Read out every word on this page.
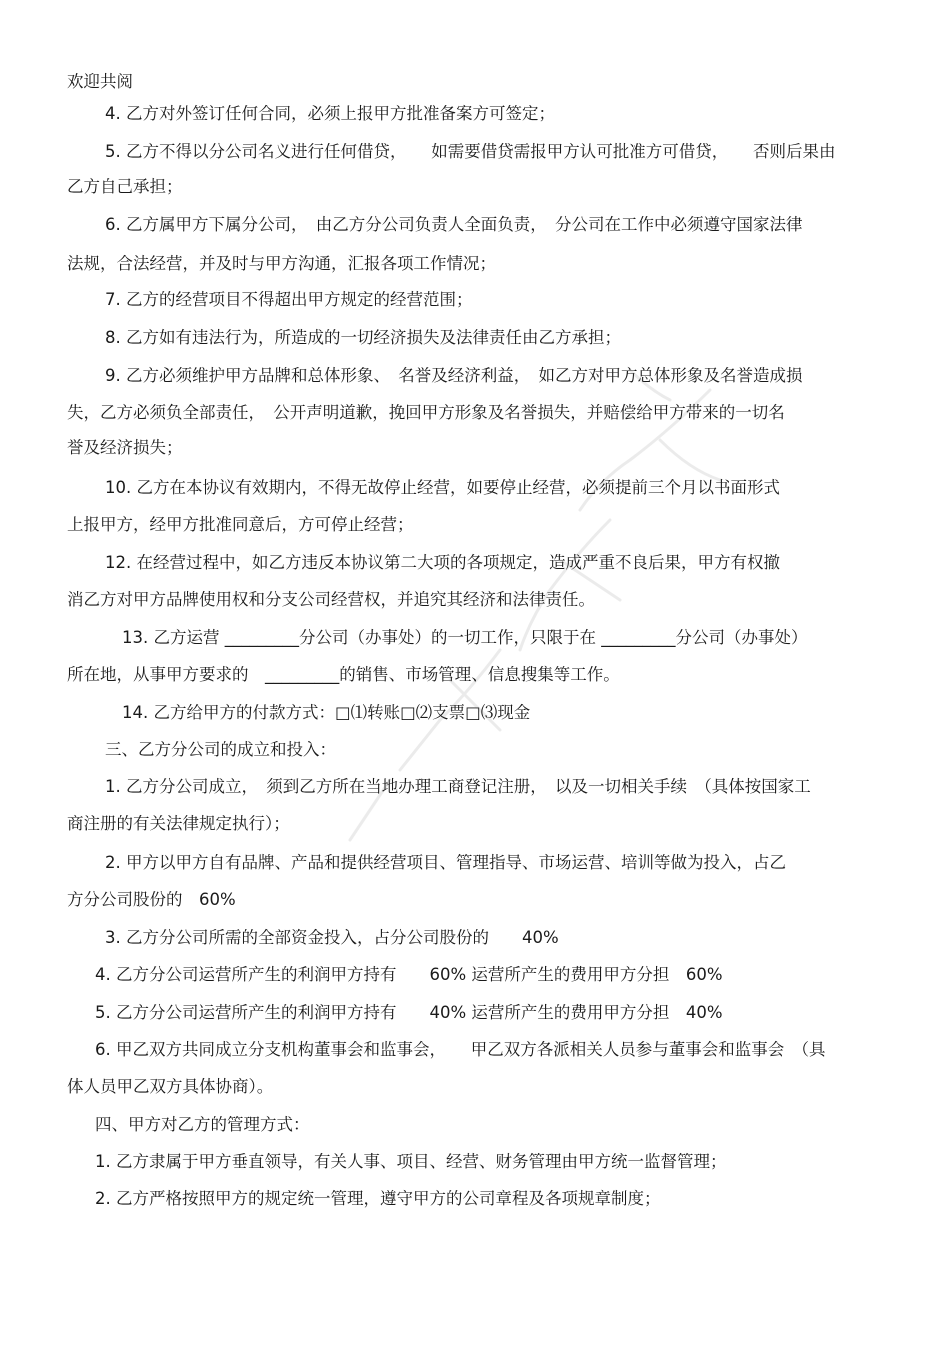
欢迎共阅
4. 乙方对外签订任何合同，必须上报甲方批准备案方可签定；
5. 乙方不得以分公司名义进行任何借贷，　　如需要借贷需报甲方认可批准方可借贷，　　否则后果由
乙方自己承担；
6. 乙方属甲方下属分公司，　由乙方分公司负责人全面负责，　分公司在工作中必须遵守国家法律
法规，合法经营，并及时与甲方沟通，汇报各项工作情况；
7. 乙方的经营项目不得超出甲方规定的经营范围；
8. 乙方如有违法行为，所造成的一切经济损失及法律责任由乙方承担；
9. 乙方必须维护甲方品牌和总体形象、　名誉及经济利益，　如乙方对甲方总体形象及名誉造成损
失，乙方必须负全部责任，　公开声明道歉，挽回甲方形象及名誉损失，并赔偿给甲方带来的一切名
誉及经济损失；
10. 乙方在本协议有效期内，不得无故停止经营，如要停止经营，必须提前三个月以书面形式
上报甲方，经甲方批准同意后，方可停止经营；
12. 在经营过程中，如乙方违反本协议第二大项的各项规定，造成严重不良后果，甲方有权撤
消乙方对甲方品牌使用权和分支公司经营权，并追究其经济和法律责任。
13. 乙方运营 _________分公司（办事处）的一切工作，只限于在 _________分公司（办事处）
所在地，从事甲方要求的　_________的销售、市场管理、信息搜集等工作。
14. 乙方给甲方的付款方式：□⑴转账□⑵支票□⑶现金
三、乙方分公司的成立和投入：
1. 乙方分公司成立，　须到乙方所在当地办理工商登记注册，　以及一切相关手续　（具体按国家工
商注册的有关法律规定执行）；
2. 甲方以甲方自有品牌、产品和提供经营项目、管理指导、市场运营、培训等做为投入，占乙
方分公司股份的　60%
3. 乙方分公司所需的全部资金投入，占分公司股份的　　40%
4. 乙方分公司运营所产生的利润甲方持有　　60% 运营所产生的费用甲方分担　60%
5. 乙方分公司运营所产生的利润甲方持有　　40% 运营所产生的费用甲方分担　40%
6. 甲乙双方共同成立分支机构董事会和监事会，　　甲乙双方各派相关人员参与董事会和监事会　（具
体人员甲乙双方具体协商）。
四、甲方对乙方的管理方式：
1. 乙方隶属于甲方垂直领导，有关人事、项目、经营、财务管理由甲方统一监督管理；
2. 乙方严格按照甲方的规定统一管理，遵守甲方的公司章程及各项规章制度；
